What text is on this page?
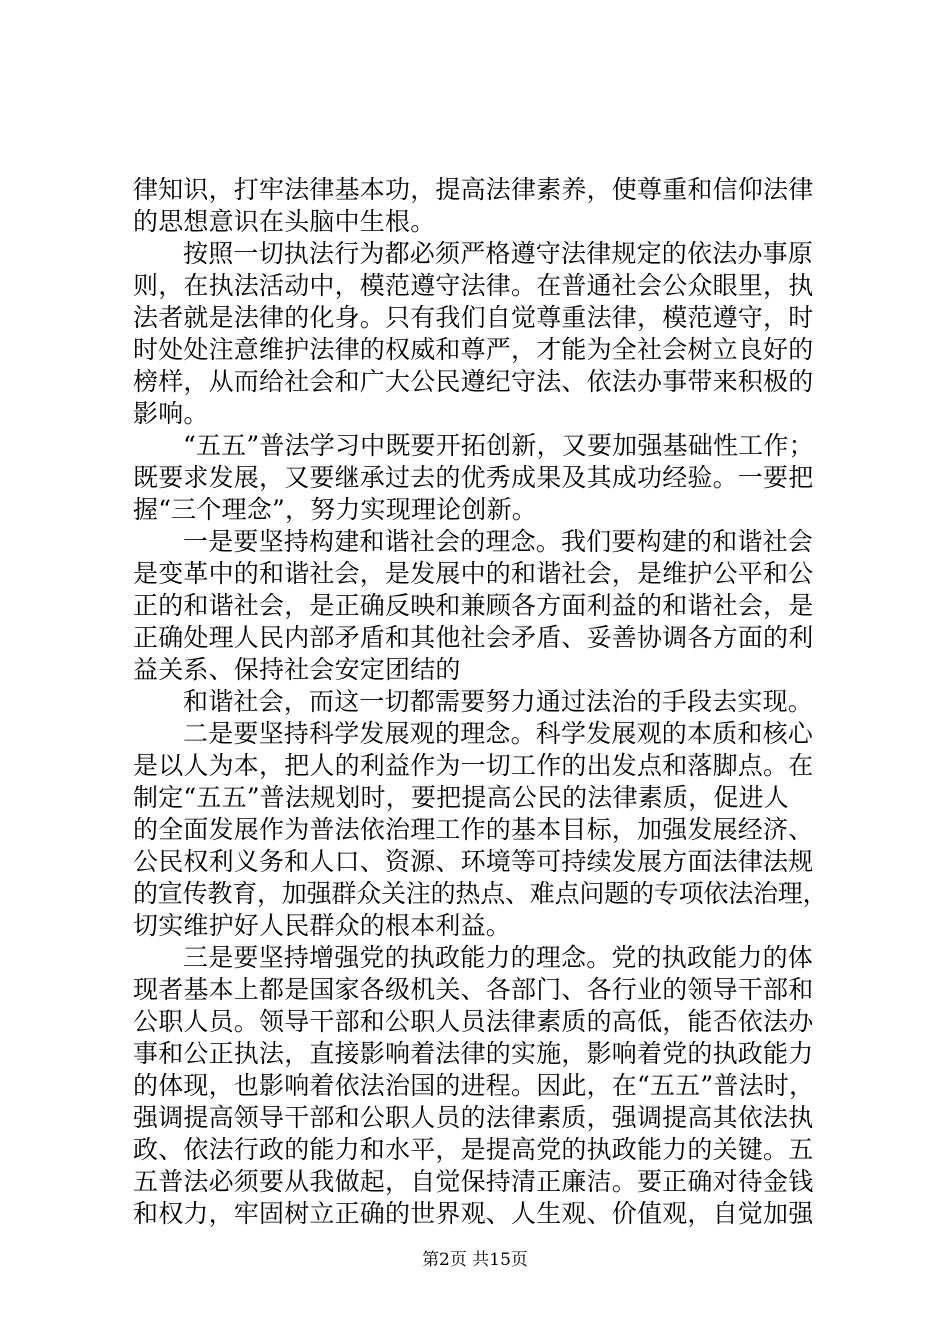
律知识，打牢法律基本功，提高法律素养，使尊重和信仰法律
的思想意识在头脑中生根。
按照一切执法行为都必须严格遵守法律规定的依法办事原
则，在执法活动中，模范遵守法律。在普通社会公众眼里，执
法者就是法律的化身。只有我们自觉尊重法律，模范遵守，时
时处处注意维护法律的权威和尊严，才能为全社会树立良好的
榜样，从而给社会和广大公民遵纪守法、依法办事带来积极的
影响。
“五五”普法学习中既要开拓创新，又要加强基础性工作；
既要求发展，又要继承过去的优秀成果及其成功经验。一要把
握“三个理念”，努力实现理论创新。
一是要坚持构建和谐社会的理念。我们要构建的和谐社会
是变革中的和谐社会，是发展中的和谐社会，是维护公平和公
正的和谐社会，是正确反映和兼顾各方面利益的和谐社会，是
正确处理人民内部矛盾和其他社会矛盾、妥善协调各方面的利
益关系、保持社会安定团结的
和谐社会，而这一切都需要努力通过法治的手段去实现。
二是要坚持科学发展观的理念。科学发展观的本质和核心
是以人为本，把人的利益作为一切工作的出发点和落脚点。在
制定“五五”普法规划时，要把提高公民的法律素质，促进人
的全面发展作为普法依治理工作的基本目标，加强发展经济、
公民权利义务和人口、资源、环境等可持续发展方面法律法规
的宣传教育，加强群众关注的热点、难点问题的专项依法治理，
切实维护好人民群众的根本利益。
三是要坚持增强党的执政能力的理念。党的执政能力的体
现者基本上都是国家各级机关、各部门、各行业的领导干部和
公职人员。领导干部和公职人员法律素质的高低，能否依法办
事和公正执法，直接影响着法律的实施，影响着党的执政能力
的体现，也影响着依法治国的进程。因此，在“五五”普法时，
强调提高领导干部和公职人员的法律素质，强调提高其依法执
政、依法行政的能力和水平，是提高党的执政能力的关键。五
五普法必须要从我做起，自觉保持清正廉洁。要正确对待金钱
和权力，牢固树立正确的世界观、人生观、价值观，自觉加强
第2页 共15页
